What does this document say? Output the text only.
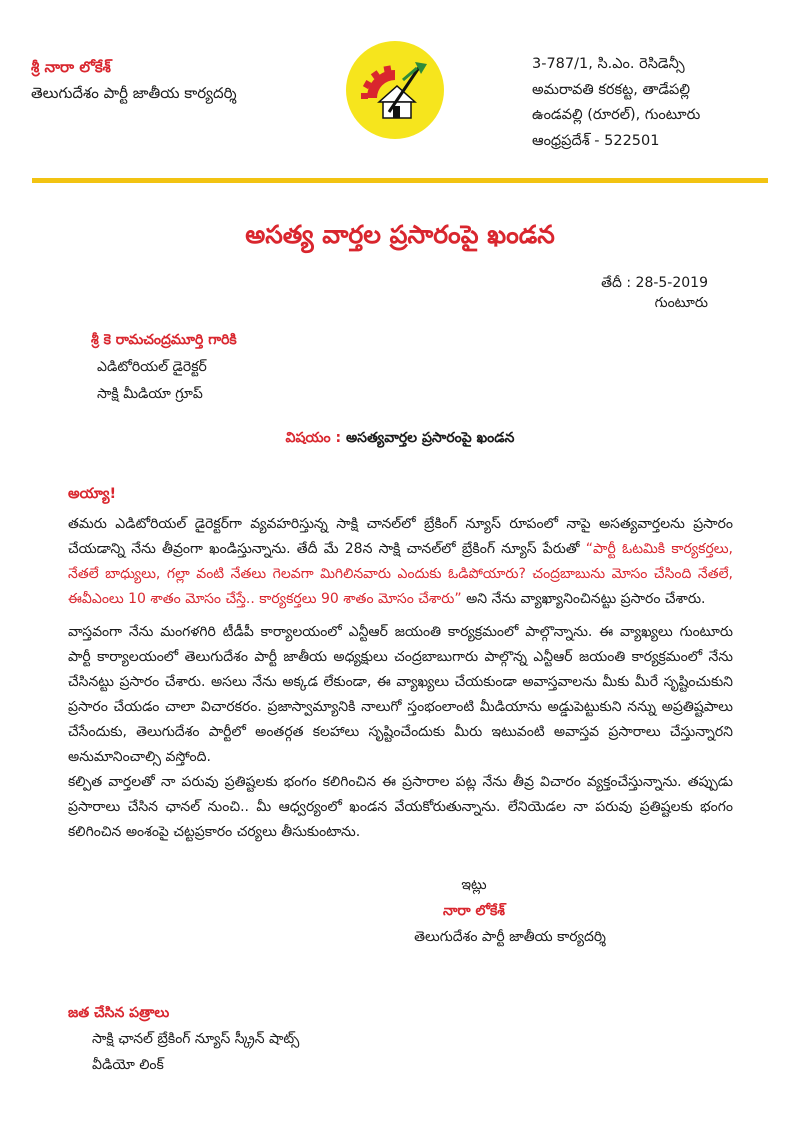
శ్రీ నారా లోకేశ్
తెలుగుదేశం పార్టీ జాతీయ కార్యదర్శి
3-787/1, సి.ఎం. రెసిడెన్సీ
అమరావతి కరకట్ట, తాడేపల్లి
ఉండవల్లి (రూరల్), గుంటూరు
ఆంధ్రప్రదేశ్ - 522501
అసత్య వార్తల ప్రసారంపై ఖండన
తేదీ : 28-5-2019
గుంటూరు
శ్రీ కె రామచంద్రమూర్తి గారికి
ఎడిటోరియల్ డైరెక్టర్
సాక్షి మీడియా గ్రూప్
విషయం : అసత్యవార్తల ప్రసారంపై ఖండన
అయ్యా!
తమరు ఎడిటోరియల్ డైరెక్టర్‌గా వ్యవహరిస్తున్న సాక్షి చానల్‌లో బ్రేకింగ్ న్యూస్ రూపంలో నాపై అసత్యవార్తలను ప్రసారం చేయడాన్ని నేను తీవ్రంగా ఖండిస్తున్నాను. తేదీ మే 28న సాక్షి చానల్‌లో బ్రేకింగ్ న్యూస్ పేరుతో “పార్టీ ఓటమికి కార్యకర్తలు, నేతలే బాధ్యులు, గల్లా వంటి నేతలు గెలవగా మిగిలినవారు ఎందుకు ఓడిపోయారు? చంద్రబాబును మోసం చేసింది నేతలే, ఈవీఎంలు 10 శాతం మోసం చేస్తే.. కార్యకర్తలు 90 శాతం మోసం చేశారు” అని నేను వ్యాఖ్యానించినట్టు ప్రసారం చేశారు.
వాస్తవంగా నేను మంగళగిరి టీడీపీ కార్యాలయంలో ఎన్టీఆర్ జయంతి కార్యక్రమంలో పాల్గొన్నాను. ఈ వ్యాఖ్యలు గుంటూరు పార్టీ కార్యాలయంలో తెలుగుదేశం పార్టీ జాతీయ అధ్యక్షులు చంద్రబాబుగారు పాల్గొన్న ఎన్టీఆర్ జయంతి కార్యక్రమంలో నేను చేసినట్టు ప్రసారం చేశారు. అసలు నేను అక్కడ లేకుండా, ఈ వ్యాఖ్యలు చేయకుండా అవాస్తవాలను మీకు మీరే సృష్టించుకుని ప్రసారం చేయడం చాలా విచారకరం. ప్రజాస్వామ్యానికి నాలుగో స్తంభంలాంటి మీడియాను అడ్డుపెట్టుకుని నన్ను అప్రతిష్టపాలు చేసేందుకు, తెలుగుదేశం పార్టీలో అంతర్గత కలహాలు సృష్టించేందుకు మీరు ఇటువంటి అవాస్తవ ప్రసారాలు చేస్తున్నారని అనుమానించాల్సి వస్తోంది.
కల్పిత వార్తలతో నా పరువు ప్రతిష్టలకు భంగం కలిగించిన ఈ ప్రసారాల పట్ల నేను తీవ్ర విచారం వ్యక్తంచేస్తున్నాను. తప్పుడు ప్రసారాలు చేసిన ఛానల్ నుంచి.. మీ ఆధ్వర్యంలో ఖండన వేయకోరుతున్నాను. లేనియెడల నా పరువు ప్రతిష్టలకు భంగం కలిగించిన అంశంపై చట్టప్రకారం చర్యలు తీసుకుంటాను.
ఇట్లు
నారా లోకేశ్
తెలుగుదేశం పార్టీ జాతీయ కార్యదర్శి
జత చేసిన పత్రాలు
సాక్షి ఛానల్ బ్రేకింగ్ న్యూస్ స్క్రీన్ షాట్స్
వీడియో లింక్
